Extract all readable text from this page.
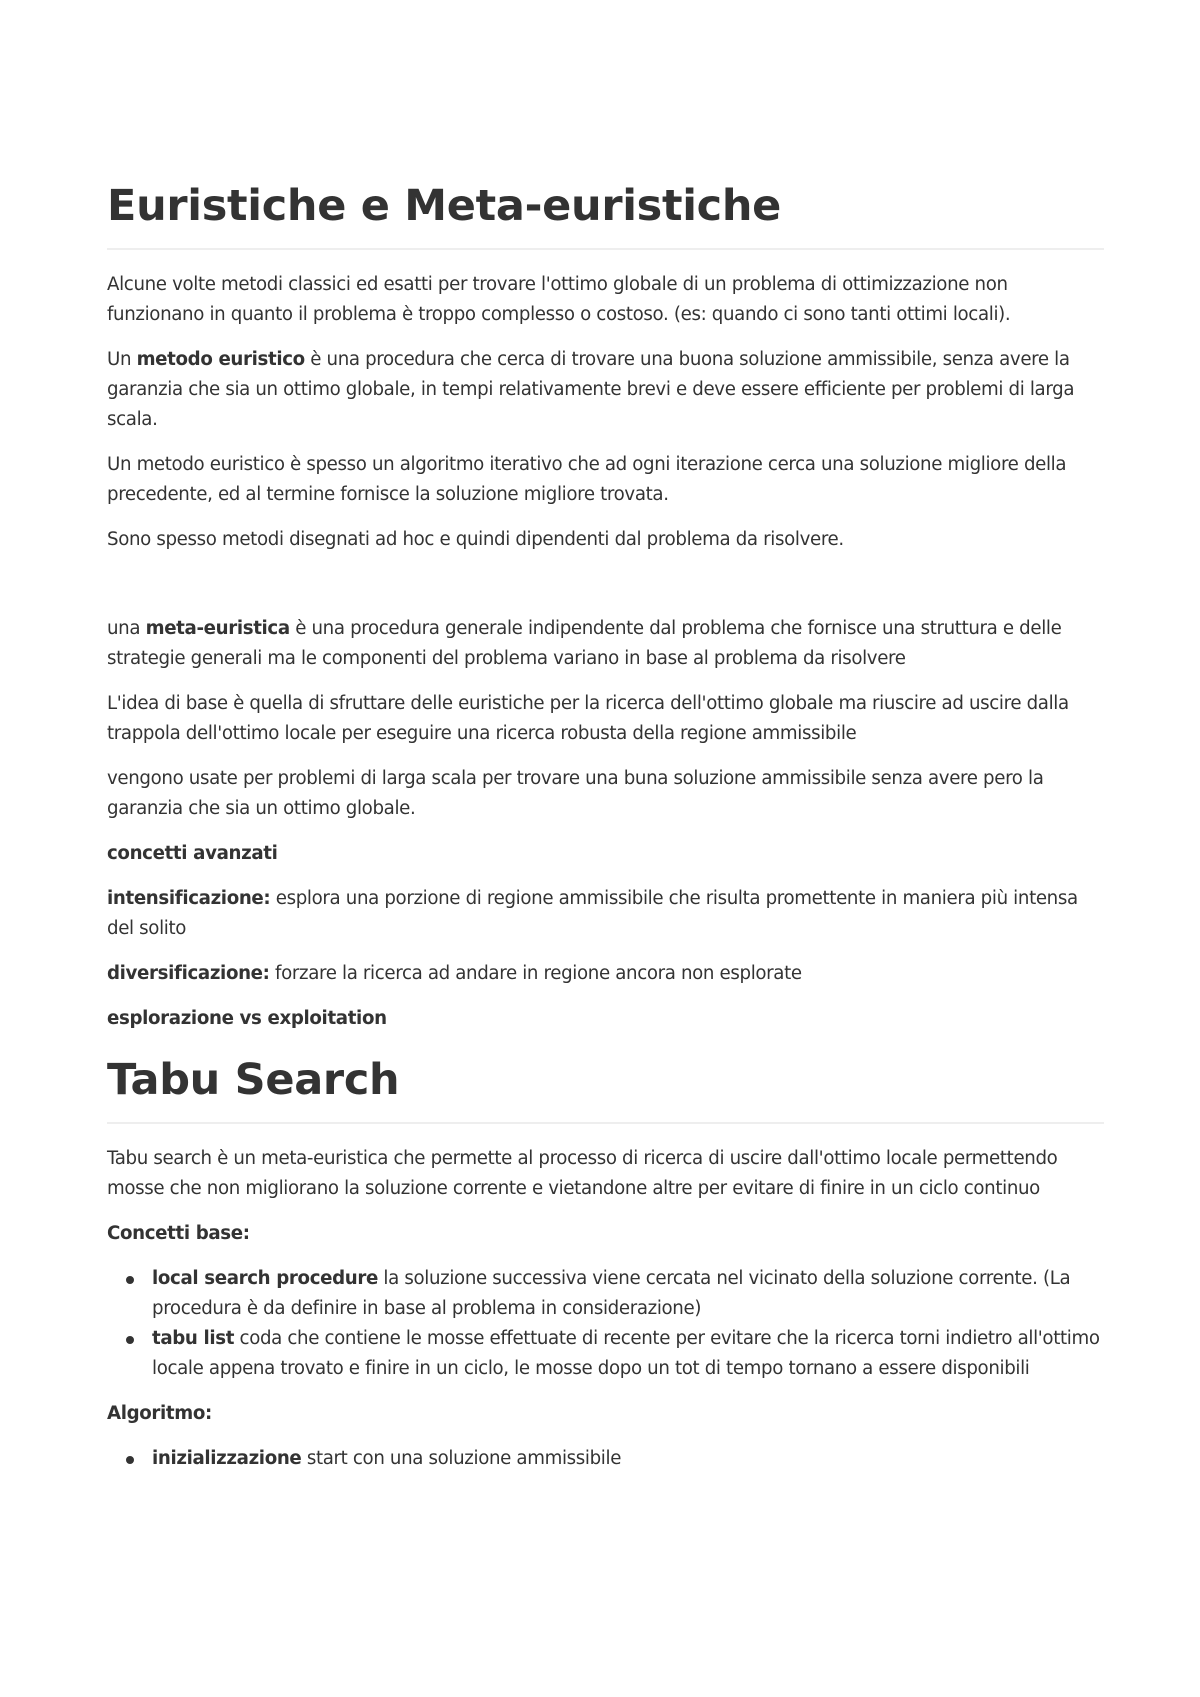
Euristiche e Meta-euristiche

Alcune volte metodi classici ed esatti per trovare l'ottimo globale di un problema di ottimizzazione non funzionano in quanto il problema è troppo complesso o costoso. (es: quando ci sono tanti ottimi locali).

Un metodo euristico è una procedura che cerca di trovare una buona soluzione ammissibile, senza avere la garanzia che sia un ottimo globale, in tempi relativamente brevi e deve essere efficiente per problemi di larga scala.

Un metodo euristico è spesso un algoritmo iterativo che ad ogni iterazione cerca una soluzione migliore della precedente, ed al termine fornisce la soluzione migliore trovata.

Sono spesso metodi disegnati ad hoc e quindi dipendenti dal problema da risolvere.

una meta-euristica è una procedura generale indipendente dal problema che fornisce una struttura e delle strategie generali ma le componenti del problema variano in base al problema da risolvere

L'idea di base è quella di sfruttare delle euristiche per la ricerca dell'ottimo globale ma riuscire ad uscire dalla trappola dell'ottimo locale per eseguire una ricerca robusta della regione ammissibile

vengono usate per problemi di larga scala per trovare una buna soluzione ammissibile senza avere pero la garanzia che sia un ottimo globale.

concetti avanzati

intensificazione: esplora una porzione di regione ammissibile che risulta promettente in maniera più intensa del solito

diversificazione: forzare la ricerca ad andare in regione ancora non esplorate

esplorazione vs exploitation

Tabu Search

Tabu search è un meta-euristica che permette al processo di ricerca di uscire dall'ottimo locale permettendo mosse che non migliorano la soluzione corrente e vietandone altre per evitare di finire in un ciclo continuo

Concetti base:

local search procedure la soluzione successiva viene cercata nel vicinato della soluzione corrente. (La procedura è da definire in base al problema in considerazione)
tabu list coda che contiene le mosse effettuate di recente per evitare che la ricerca torni indietro all'ottimo locale appena trovato e finire in un ciclo, le mosse dopo un tot di tempo tornano a essere disponibili

Algoritmo:

inizializzazione start con una soluzione ammissibile
